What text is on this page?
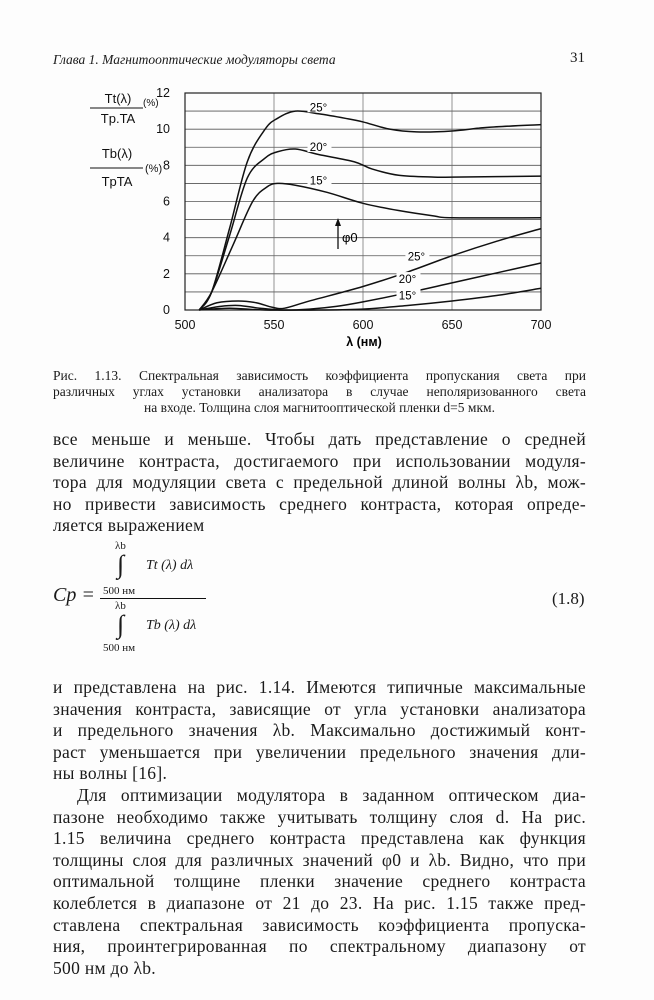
Глава 1. Магнитооптические модуляторы света	31
25°
20°
15°
25°
20°
15°
500	550	600	650	700
0
2
4
6
8
10
12
Tt(λ)
Tp.TA
(%)
Tb(λ)
TpTA
(%)
λ (нм)
φ0
Рис. 1.13. Спектральная зависимость коэффициента пропускания света при
различных углах установки анализатора в случае неполяризованного света
на входе. Толщина слоя магнитооптической пленки d=5 мкм.
все меньше и меньше. Чтобы дать представление о средней
величине контраста, достигаемого при использовании модуля-
тора для модуляции света с предельной длиной волны λb, мож-
но привести зависимость среднего контраста, которая опреде-
ляется выражением
Cp =
λb
∫
500 нм
Tt (λ) dλ
λb
∫
500 нм
Tb (λ) dλ
(1.8)
и представлена на рис. 1.14. Имеются типичные максимальные
значения контраста, зависящие от угла установки анализатора
и предельного значения λb. Максимально достижимый конт-
раст уменьшается при увеличении предельного значения дли-
ны волны [16].
Для оптимизации модулятора в заданном оптическом диа-
пазоне необходимо также учитывать толщину слоя d. На рис.
1.15 величина среднего контраста представлена как функция
толщины слоя для различных значений φ0 и λb. Видно, что при
оптимальной толщине пленки значение среднего контраста
колеблется в диапазоне от 21 до 23. На рис. 1.15 также пред-
ставлена спектральная зависимость коэффициента пропуска-
ния, проинтегрированная по спектральному диапазону от
500 нм до λb.
